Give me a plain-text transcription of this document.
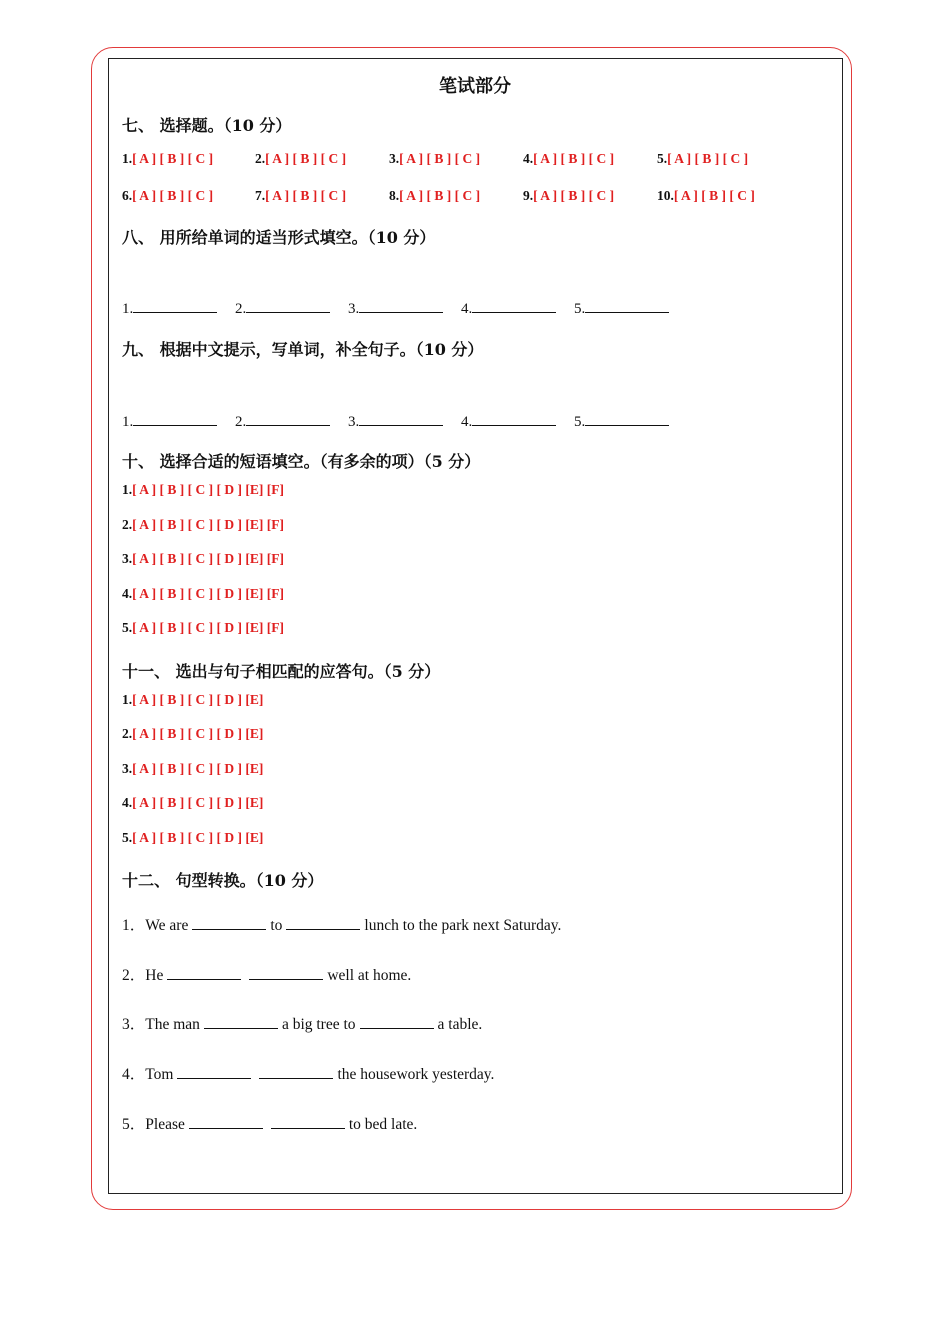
笔试部分
七、 选择题。（10 分）
1.[ A ] [ B ] [ C ]	2.[ A ] [ B ] [ C ]	3.[ A ] [ B ] [ C ]	4.[ A ] [ B ] [ C ]	5.[ A ] [ B ] [ C ]
6.[ A ] [ B ] [ C ]	7.[ A ] [ B ] [ C ]	8.[ A ] [ B ] [ C ]	9.[ A ] [ B ] [ C ]	10.[ A ] [ B ] [ C ]
八、 用所给单词的适当形式填空。（10 分）
1.	2.	3.	4.	5.
九、 根据中文提示，写单词，补全句子。（10 分）
1.	2.	3.	4.	5.
十、 选择合适的短语填空。（有多余的项）（5 分）
1.[ A ] [ B ] [ C ] [ D ] [E] [F]
2.[ A ] [ B ] [ C ] [ D ] [E] [F]
3.[ A ] [ B ] [ C ] [ D ] [E] [F]
4.[ A ] [ B ] [ C ] [ D ] [E] [F]
5.[ A ] [ B ] [ C ] [ D ] [E] [F]
十一、 选出与句子相匹配的应答句。（5 分）
1.[ A ] [ B ] [ C ] [ D ] [E]
2.[ A ] [ B ] [ C ] [ D ] [E]
3.[ A ] [ B ] [ C ] [ D ] [E]
4.[ A ] [ B ] [ C ] [ D ] [E]
5.[ A ] [ B ] [ C ] [ D ] [E]
十二、 句型转换。（10 分）
1．We are	to	lunch to the park next Saturday.
2．He	well at home.
3．The man	a big tree to	a table.
4．Tom	the housework yesterday.
5．Please	to bed late.
